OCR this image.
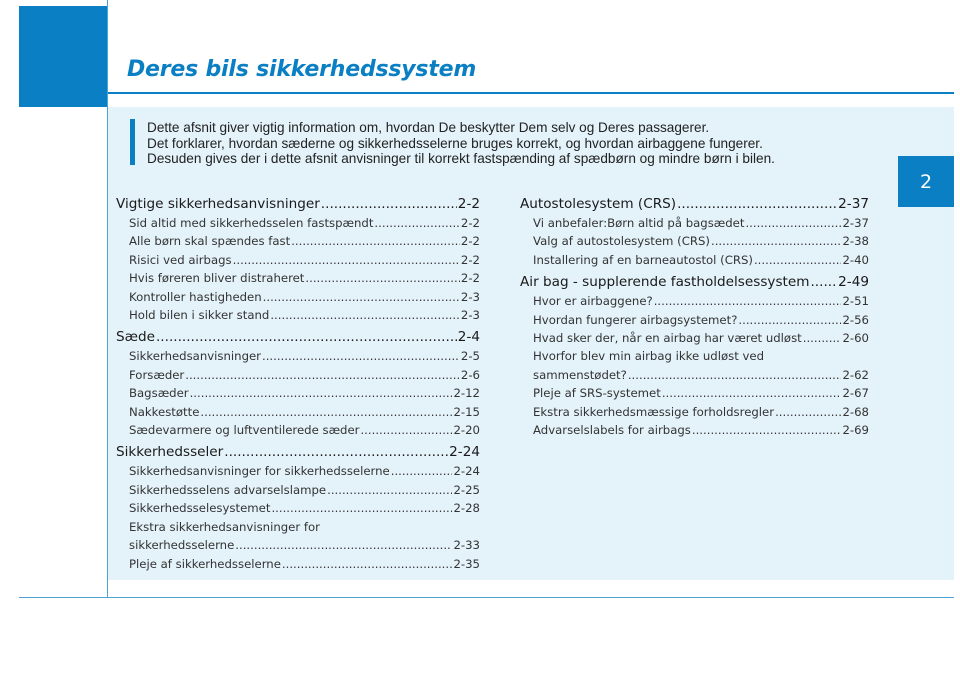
Deres bils sikkerhedssystem

Dette afsnit giver vigtig information om, hvordan De beskytter Dem selv og Deres passagerer.
Det forklarer, hvordan sæderne og sikkerhedsselerne bruges korrekt, og hvordan airbaggene fungerer.
Desuden gives der i dette afsnit anvisninger til korrekt fastspænding af spædbørn og mindre børn i bilen.

2
Vigtige sikkerhedsanvisninger .....	2-2
Sid altid med sikkerhedsselen fastspændt .....	2-2
Alle børn skal spændes fast .....	2-2
Risici ved airbags .....	2-2
Hvis føreren bliver distraheret .....	2-2
Kontroller hastigheden .....	2-3
Hold bilen i sikker stand .....	2-3
Sæde .....	2-4
Sikkerhedsanvisninger .....	2-5
Forsæder .....	2-6
Bagsæder .....	2-12
Nakkestøtte .....	2-15
Sædevarmere og luftventilerede sæder .....	2-20
Sikkerhedsseler .....	2-24
Sikkerhedsanvisninger for sikkerhedsselerne .....	2-24
Sikkerhedsselens advarselslampe .....	2-25
Sikkerhedsselesystemet .....	2-28
Ekstra sikkerhedsanvisninger for
sikkerhedsselerne .....	2-33
Pleje af sikkerhedsselerne .....	2-35
Autostolesystem (CRS) .....	2-37
Vi anbefaler:Børn altid på bagsædet .....	2-37
Valg af autostolesystem (CRS) .....	2-38
Installering af en barneautostol (CRS) .....	2-40
Air bag - supplerende fastholdelsessystem ..... 2-49
Hvor er airbaggene? .....	2-51
Hvordan fungerer airbagsystemet? .....	2-56
Hvad sker der, når en airbag har været udløst .....	2-60
Hvorfor blev min airbag ikke udløst ved
sammenstødet? .....	2-62
Pleje af SRS-systemet .....	2-67
Ekstra sikkerhedsmæssige forholdsregler .....	2-68
Advarselslabels for airbags .....	2-69
